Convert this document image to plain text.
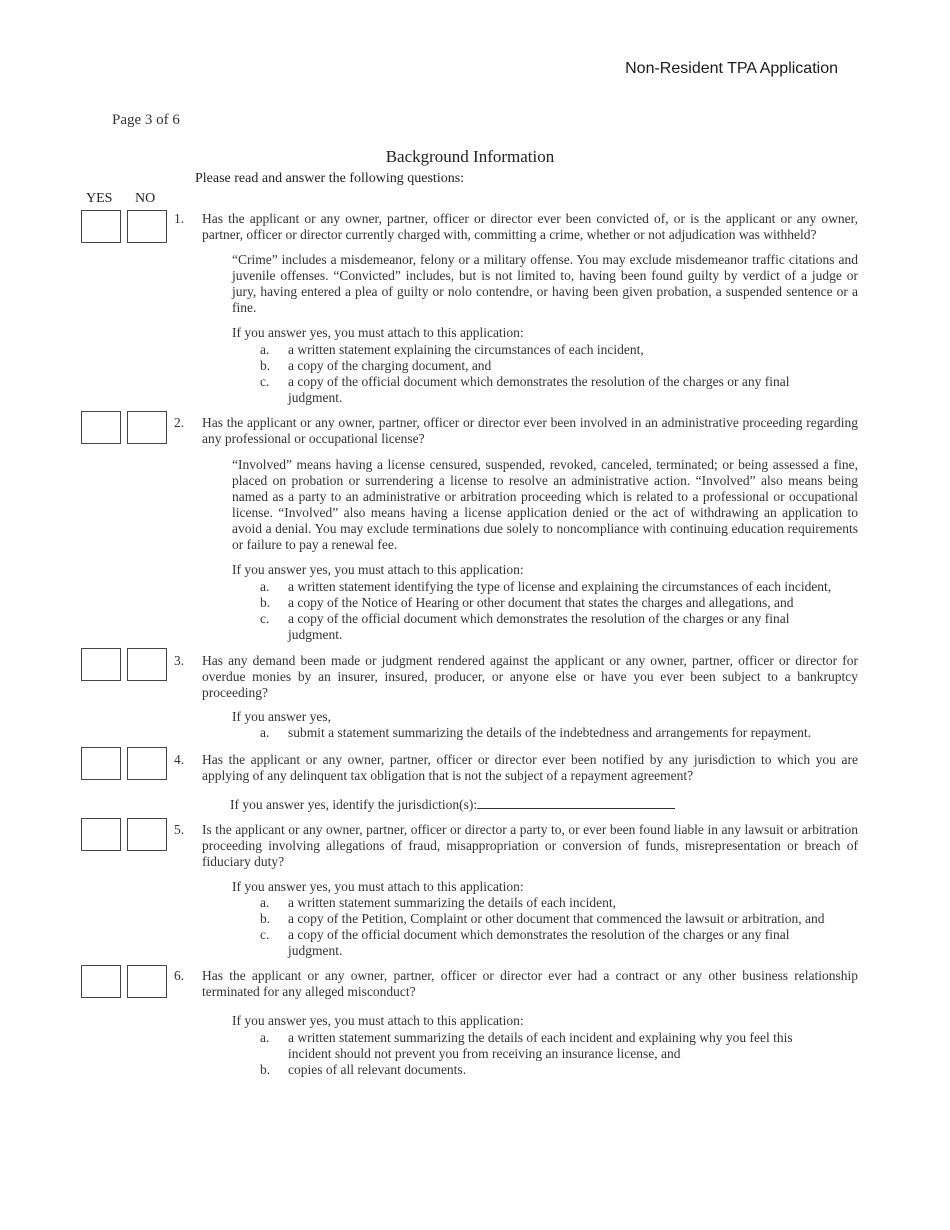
Non-Resident TPA Application
Page 3 of 6
Background Information
Please read and answer the following questions:
YES NO
1. Has the applicant or any owner, partner, officer or director ever been convicted of, or is the applicant or any owner, partner, officer or director currently charged with, committing a crime, whether or not adjudication was withheld?
“Crime” includes a misdemeanor, felony or a military offense. You may exclude misdemeanor traffic citations and juvenile offenses. “Convicted” includes, but is not limited to, having been found guilty by verdict of a judge or jury, having entered a plea of guilty or nolo contendre, or having been given probation, a suspended sentence or a fine.
If you answer yes, you must attach to this application:
a. a written statement explaining the circumstances of each incident,
b. a copy of the charging document, and
c. a copy of the official document which demonstrates the resolution of the charges or any final judgment.
2. Has the applicant or any owner, partner, officer or director ever been involved in an administrative proceeding regarding any professional or occupational license?
“Involved” means having a license censured, suspended, revoked, canceled, terminated; or being assessed a fine, placed on probation or surrendering a license to resolve an administrative action. “Involved” also means being named as a party to an administrative or arbitration proceeding which is related to a professional or occupational license. “Involved” also means having a license application denied or the act of withdrawing an application to avoid a denial. You may exclude terminations due solely to noncompliance with continuing education requirements or failure to pay a renewal fee.
If you answer yes, you must attach to this application:
a. a written statement identifying the type of license and explaining the circumstances of each incident,
b. a copy of the Notice of Hearing or other document that states the charges and allegations, and
c. a copy of the official document which demonstrates the resolution of the charges or any final judgment.
3. Has any demand been made or judgment rendered against the applicant or any owner, partner, officer or director for overdue monies by an insurer, insured, producer, or anyone else or have you ever been subject to a bankruptcy proceeding?
If you answer yes,
a. submit a statement summarizing the details of the indebtedness and arrangements for repayment.
4. Has the applicant or any owner, partner, officer or director ever been notified by any jurisdiction to which you are applying of any delinquent tax obligation that is not the subject of a repayment agreement?
If you answer yes, identify the jurisdiction(s):
5. Is the applicant or any owner, partner, officer or director a party to, or ever been found liable in any lawsuit or arbitration proceeding involving allegations of fraud, misappropriation or conversion of funds, misrepresentation or breach of fiduciary duty?
If you answer yes, you must attach to this application:
a. a written statement summarizing the details of each incident,
b. a copy of the Petition, Complaint or other document that commenced the lawsuit or arbitration, and
c. a copy of the official document which demonstrates the resolution of the charges or any final judgment.
6. Has the applicant or any owner, partner, officer or director ever had a contract or any other business relationship terminated for any alleged misconduct?
If you answer yes, you must attach to this application:
a. a written statement summarizing the details of each incident and explaining why you feel this incident should not prevent you from receiving an insurance license, and
b. copies of all relevant documents.
